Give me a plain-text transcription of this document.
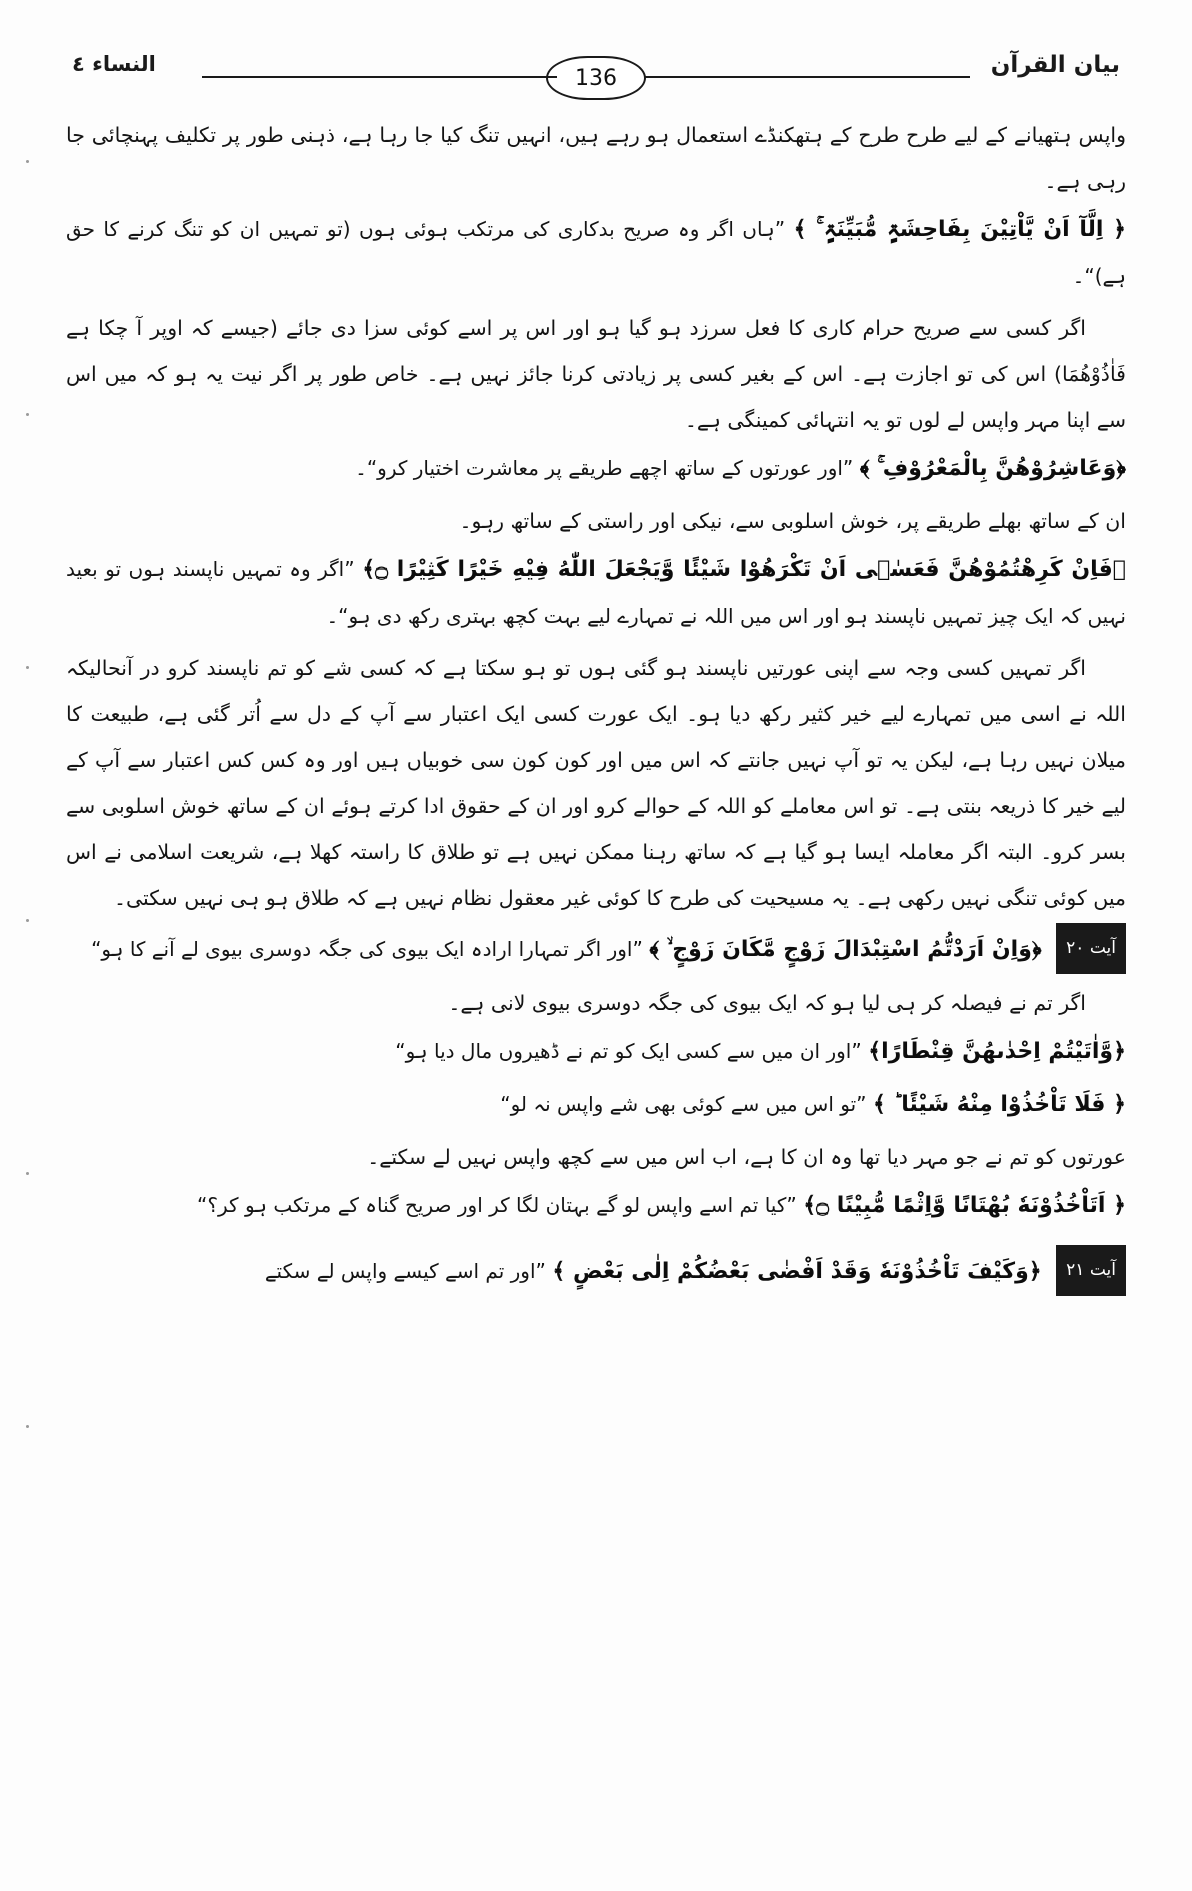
بيان القرآن
136
النساء ٤

واپس ہتھیانے کے لیے طرح طرح کے ہتھکنڈے استعمال ہو رہے ہیں، انہیں تنگ کیا جا رہا ہے، ذہنی طور پر تکلیف پہنچائی جا رہی ہے۔

﴿ اِلَّآ اَنْ یَّاْتِیْنَ بِفَاحِشَۃٍ مُّبَیِّنَۃٍ ۚ ﴾ ”ہاں اگر وہ صریح بدکاری کی مرتکب ہوئی ہوں (تو تمہیں ان کو تنگ کرنے کا حق ہے)“۔

اگر کسی سے صریح حرام کاری کا فعل سرزد ہو گیا ہو اور اس پر اسے کوئی سزا دی جائے (جیسے کہ اوپر آ چکا ہے فَاٰذُوْهُمَا) اس کی تو اجازت ہے۔ اس کے بغیر کسی پر زیادتی کرنا جائز نہیں ہے۔ خاص طور پر اگر نیت یہ ہو کہ میں اس سے اپنا مہر واپس لے لوں تو یہ انتہائی کمینگی ہے۔

﴿وَعَاشِرُوْهُنَّ بِالْمَعْرُوْفِ ۚ ﴾ ”اور عورتوں کے ساتھ اچھے طریقے پر معاشرت اختیار کرو“۔

ان کے ساتھ بھلے طریقے پر، خوش اسلوبی سے، نیکی اور راستی کے ساتھ رہو۔

﴿فَاِنْ كَرِهْتُمُوْهُنَّ فَعَسٰۤى اَنْ تَكْرَهُوْا شَیْئًا وَّیَجْعَلَ اللّٰهُ فِیْهِ خَیْرًا كَثِیْرًا ۝﴾ ”اگر وہ تمہیں ناپسند ہوں تو بعید نہیں کہ ایک چیز تمہیں ناپسند ہو اور اس میں اللہ نے تمہارے لیے بہت کچھ بہتری رکھ دی ہو“۔

اگر تمہیں کسی وجہ سے اپنی عورتیں ناپسند ہو گئی ہوں تو ہو سکتا ہے کہ کسی شے کو تم ناپسند کرو در آنحالیکہ اللہ نے اسی میں تمہارے لیے خیر کثیر رکھ دیا ہو۔ ایک عورت کسی ایک اعتبار سے آپ کے دل سے اُتر گئی ہے، طبیعت کا میلان نہیں رہا ہے، لیکن یہ تو آپ نہیں جانتے کہ اس میں اور کون کون سی خوبیاں ہیں اور وہ کس کس اعتبار سے آپ کے لیے خیر کا ذریعہ بنتی ہے۔ تو اس معاملے کو اللہ کے حوالے کرو اور ان کے حقوق ادا کرتے ہوئے ان کے ساتھ خوش اسلوبی سے بسر کرو۔ البتہ اگر معاملہ ایسا ہو گیا ہے کہ ساتھ رہنا ممکن نہیں ہے تو طلاق کا راستہ کھلا ہے، شریعت اسلامی نے اس میں کوئی تنگی نہیں رکھی ہے۔ یہ مسیحیت کی طرح کا کوئی غیر معقول نظام نہیں ہے کہ طلاق ہو ہی نہیں سکتی۔

آیت ٢٠ ﴿وَاِنْ اَرَدْتُّمُ اسْتِبْدَالَ زَوْجٍ مَّكَانَ زَوْجٍ ۙ ﴾ ”اور اگر تمہارا ارادہ ایک بیوی کی جگہ دوسری بیوی لے آنے کا ہو“

اگر تم نے فیصلہ کر ہی لیا ہو کہ ایک بیوی کی جگہ دوسری بیوی لانی ہے۔

﴿وَّاٰتَیْتُمْ اِحْدٰىهُنَّ قِنْطَارًا﴾ ”اور ان میں سے کسی ایک کو تم نے ڈھیروں مال دیا ہو“

﴿ فَلَا تَاْخُذُوْا مِنْهُ شَیْئًا ؕ ﴾ ”تو اس میں سے کوئی بھی شے واپس نہ لو“

عورتوں کو تم نے جو مہر دیا تھا وہ ان کا ہے، اب اس میں سے کچھ واپس نہیں لے سکتے۔

﴿ اَتَاْخُذُوْنَهٗ بُهْتَانًا وَّاِثْمًا مُّبِیْنًا ۝﴾ ”کیا تم اسے واپس لو گے بہتان لگا کر اور صریح گناہ کے مرتکب ہو کر؟“

آیت ٢١ ﴿وَكَیْفَ تَاْخُذُوْنَهٗ وَقَدْ اَفْضٰى بَعْضُكُمْ اِلٰى بَعْضٍ ﴾ ”اور تم اسے کیسے واپس لے سکتے
